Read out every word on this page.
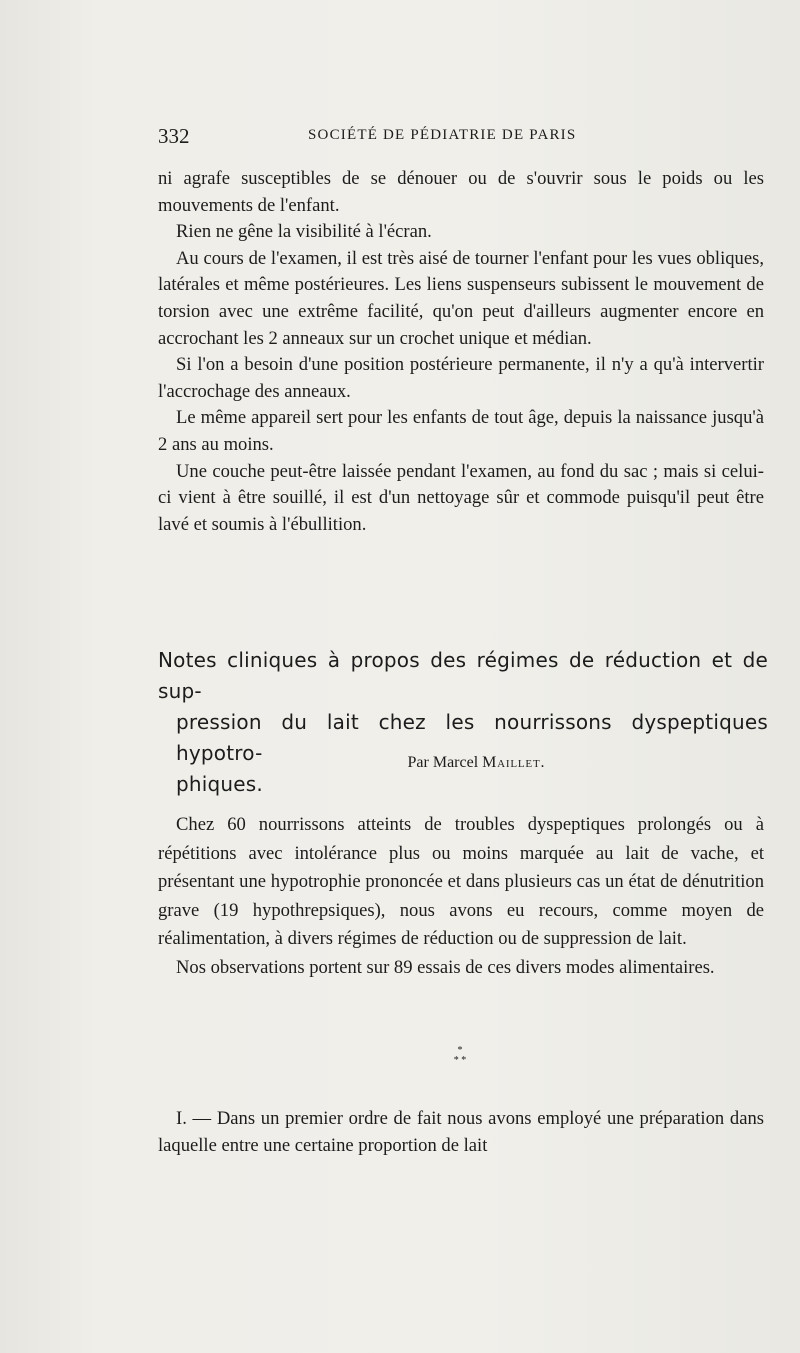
332	SOCIÉTÉ DE PÉDIATRIE DE PARIS

ni agrafe susceptibles de se dénouer ou de s'ouvrir sous le poids ou les mouvements de l'enfant.

Rien ne gêne la visibilité à l'écran.

Au cours de l'examen, il est très aisé de tourner l'enfant pour les vues obliques, latérales et même postérieures. Les liens suspenseurs subissent le mouvement de torsion avec une extrême facilité, qu'on peut d'ailleurs augmenter encore en accrochant les 2 anneaux sur un crochet unique et médian.

Si l'on a besoin d'une position postérieure permanente, il n'y a qu'à intervertir l'accrochage des anneaux.

Le même appareil sert pour les enfants de tout âge, depuis la naissance jusqu'à 2 ans au moins.

Une couche peut-être laissée pendant l'examen, au fond du sac ; mais si celui-ci vient à être souillé, il est d'un nettoyage sûr et commode puisqu'il peut être lavé et soumis à l'ébullition.

Notes cliniques à propos des régimes de réduction et de sup-
pression du lait chez les nourrissons dyspeptiques hypotro-
phiques.
Par Marcel Maillet.

Chez 60 nourrissons atteints de troubles dyspeptiques prolongés ou à répétitions avec intolérance plus ou moins marquée au lait de vache, et présentant une hypotrophie prononcée et dans plusieurs cas un état de dénutrition grave (19 hypothrepsiques), nous avons eu recours, comme moyen de réalimentation, à divers régimes de réduction ou de suppression de lait.

Nos observations portent sur 89 essais de ces divers modes alimentaires.

*
* *

I. — Dans un premier ordre de fait nous avons employé une préparation dans laquelle entre une certaine proportion de lait
